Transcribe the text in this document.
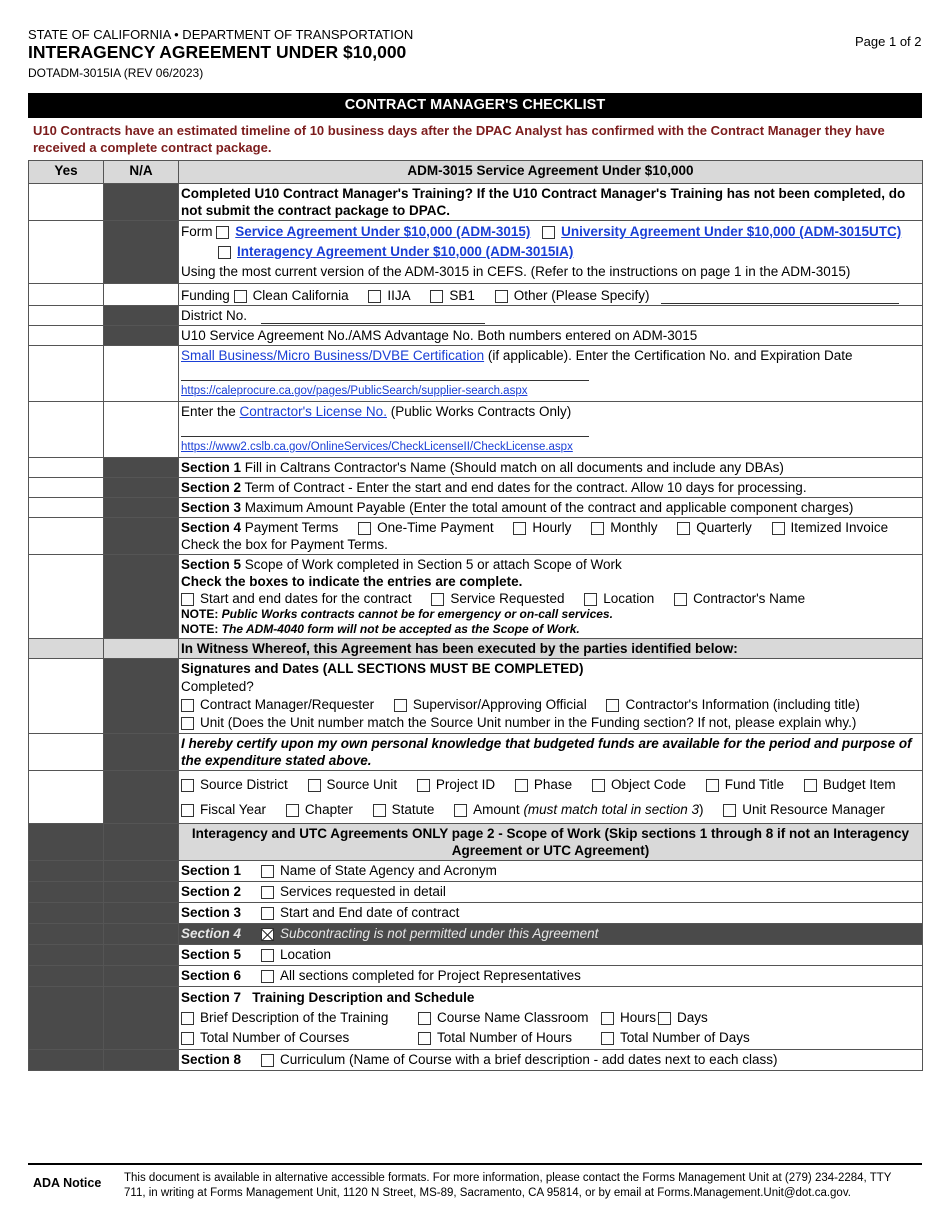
STATE OF CALIFORNIA • DEPARTMENT OF TRANSPORTATION
INTERAGENCY AGREEMENT UNDER $10,000
DOTADM-3015IA (REV 06/2023)
Page 1 of 2
CONTRACT MANAGER'S CHECKLIST
U10 Contracts have an estimated timeline of 10 business days after the DPAC Analyst has confirmed with the Contract Manager they have received a complete contract package.
Yes	N/A	ADM-3015 Service Agreement Under $10,000
		Completed U10 Contract Manager's Training? If the U10 Contract Manager's Training has not been completed, do not submit the contract package to DPAC.
		Form Service Agreement Under $10,000 (ADM-3015) University Agreement Under $10,000 (ADM-3015UTC)
Interagency Agreement Under $10,000 (ADM-3015IA)
Using the most current version of the ADM-3015 in CEFS. (Refer to the instructions on page 1 in the ADM-3015)
		Funding Clean California IIJA SB1 Other (Please Specify)
		District No.
		U10 Service Agreement No./AMS Advantage No. Both numbers entered on ADM-3015
		Small Business/Micro Business/DVBE Certification (if applicable). Enter the Certification No. and Expiration Date

https://caleprocure.ca.gov/pages/PublicSearch/supplier-search.aspx
		Enter the Contractor's License No. (Public Works Contracts Only)

https://www2.cslb.ca.gov/OnlineServices/CheckLicenseII/CheckLicense.aspx
		Section 1 Fill in Caltrans Contractor's Name (Should match on all documents and include any DBAs)
		Section 2 Term of Contract - Enter the start and end dates for the contract. Allow 10 days for processing.
		Section 3 Maximum Amount Payable (Enter the total amount of the contract and applicable component charges)
		Section 4 Payment Terms One-Time Payment Hourly Monthly Quarterly Itemized Invoice
Check the box for Payment Terms.
		Section 5 Scope of Work completed in Section 5 or attach Scope of Work
Check the boxes to indicate the entries are complete.
Start and end dates for the contract Service Requested Location Contractor's Name

NOTE: Public Works contracts cannot be for emergency or on-call services.
NOTE: The ADM-4040 form will not be accepted as the Scope of Work.

		In Witness Whereof, this Agreement has been executed by the parties identified below:
		Signatures and Dates (ALL SECTIONS MUST BE COMPLETED)
Completed?
Contract Manager/Requester Supervisor/Approving Official Contractor's Information (including title)
Unit (Does the Unit number match the Source Unit number in the Funding section? If not, please explain why.)
		I hereby certify upon my own personal knowledge that budgeted funds are available for the period and purpose of the expenditure stated above.
		Source District Source Unit Project ID Phase Object Code Fund Title Budget Item
Fiscal Year Chapter Statute Amount (must match total in section 3) Unit Resource Manager
		Interagency and UTC Agreements ONLY page 2 - Scope of Work (Skip sections 1 through 8 if not an Interagency Agreement or UTC Agreement)
		Section 1 Name of State Agency and Acronym
		Section 2 Services requested in detail
		Section 3 Start and End date of contract
		Section 4 Subcontracting is not permitted under this Agreement
		Section 5 Location
		Section 6 All sections completed for Project Representatives
		Section 7 Training Description and Schedule
Brief Description of the Training Course Name Classroom Hours Days
Total Number of Courses Total Number of Hours Total Number of Days
		Section 8 Curriculum (Name of Course with a brief description - add dates next to each class)
ADA Notice This document is available in alternative accessible formats. For more information, please contact the Forms Management Unit at (279) 234-2284, TTY 711, in writing at Forms Management Unit, 1120 N Street, MS-89, Sacramento, CA 95814, or by email at Forms.Management.Unit@dot.ca.gov.
